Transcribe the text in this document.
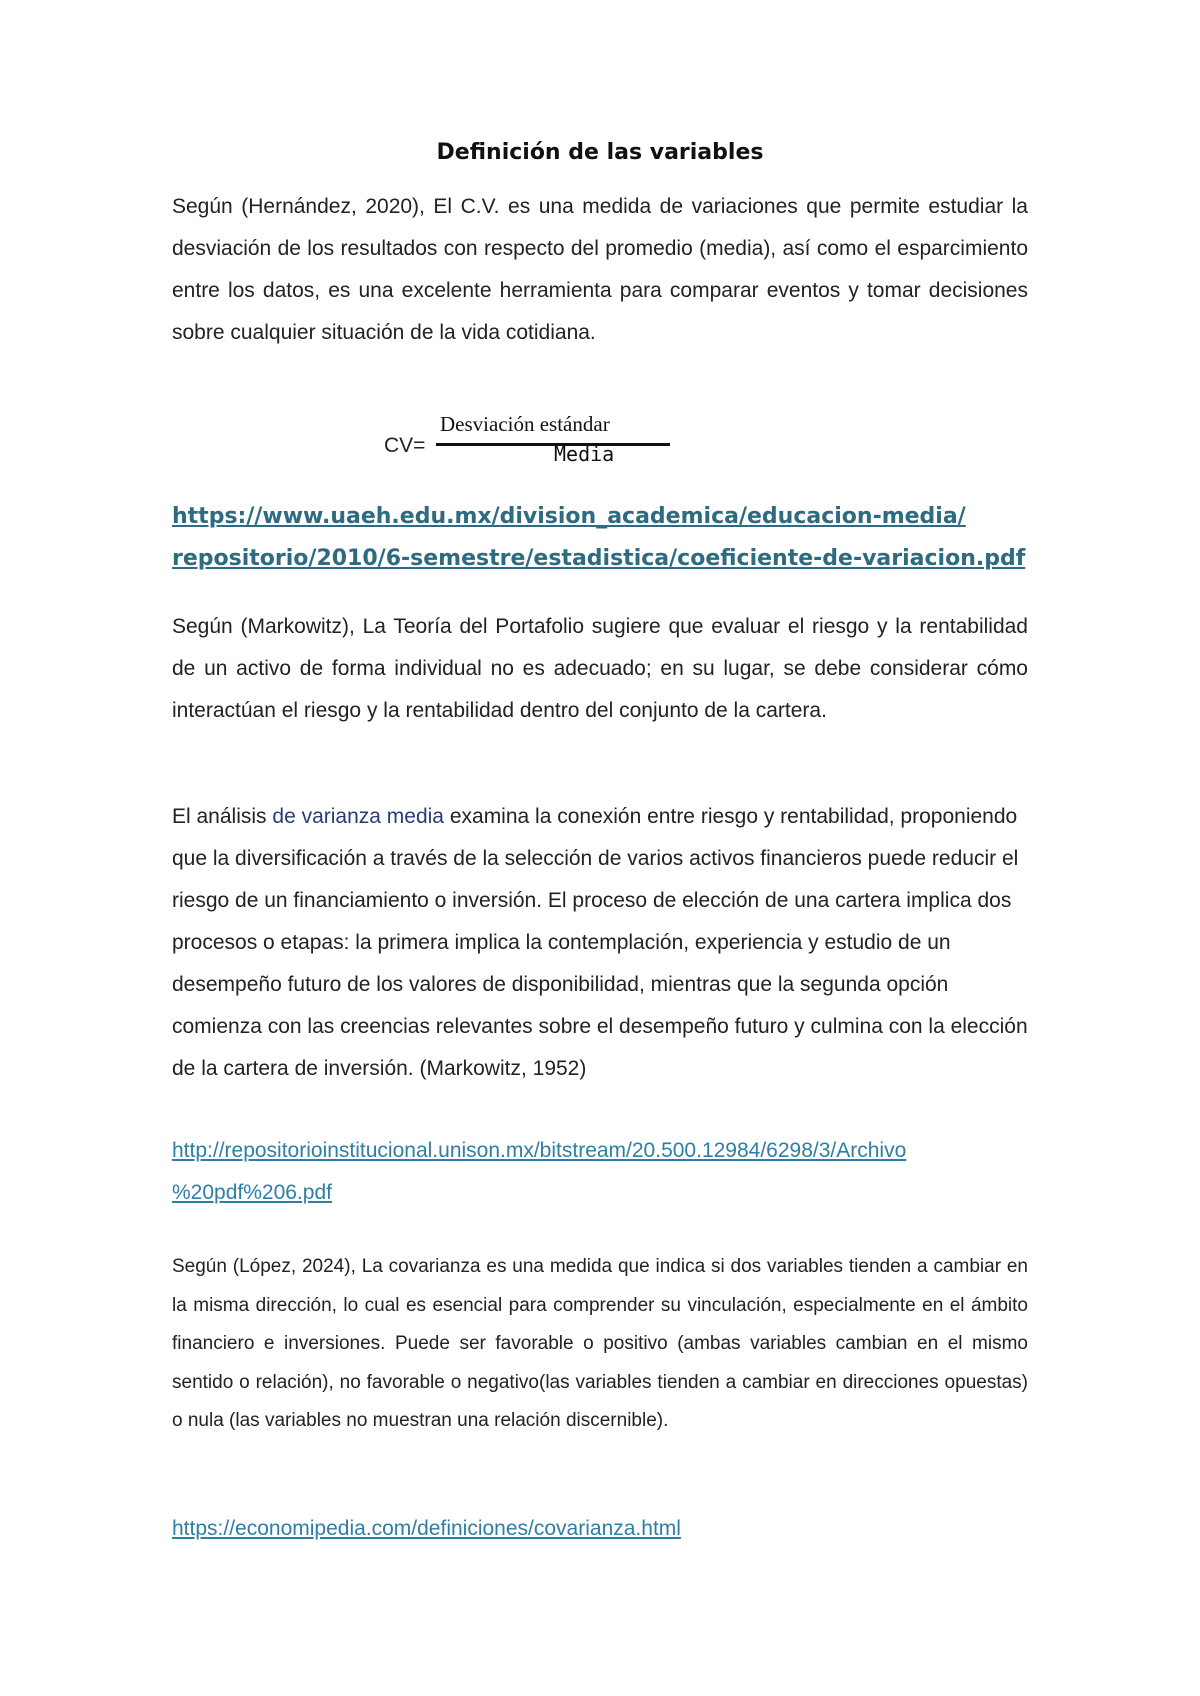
Definición de las variables
Según (Hernández, 2020), El C.V. es una medida de variaciones que permite estudiar la desviación de los resultados con respecto del promedio (media), así como el esparcimiento entre los datos, es una excelente herramienta para comparar eventos y tomar decisiones sobre cualquier situación de la vida cotidiana.
CV=
Desviación estándar
Media
https://www.uaeh.edu.mx/division_academica/educacion-media/
repositorio/2010/6-semestre/estadistica/coeficiente-de-variacion.pdf
Según (Markowitz), La Teoría del Portafolio sugiere que evaluar el riesgo y la rentabilidad de un activo de forma individual no es adecuado; en su lugar, se debe considerar cómo interactúan el riesgo y la rentabilidad dentro del conjunto de la cartera.
El análisis de varianza media examina la conexión entre riesgo y rentabilidad, proponiendo que la diversificación a través de la selección de varios activos financieros puede reducir el riesgo de un financiamiento o inversión. El proceso de elección de una cartera implica dos procesos o etapas: la primera implica la contemplación, experiencia y estudio de un desempeño futuro de los valores de disponibilidad, mientras que la segunda opción comienza con las creencias relevantes sobre el desempeño futuro y culmina con la elección de la cartera de inversión. (Markowitz, 1952)
http://repositorioinstitucional.unison.mx/bitstream/20.500.12984/6298/3/Archivo
%20pdf%206.pdf
Según (López, 2024), La covarianza es una medida que indica si dos variables tienden a cambiar en la misma dirección, lo cual es esencial para comprender su vinculación, especialmente en el ámbito financiero e inversiones. Puede ser favorable o positivo (ambas variables cambian en el mismo sentido o relación), no favorable o negativo(las variables tienden a cambiar en direcciones opuestas) o nula (las variables no muestran una relación discernible).
https://economipedia.com/definiciones/covarianza.html
